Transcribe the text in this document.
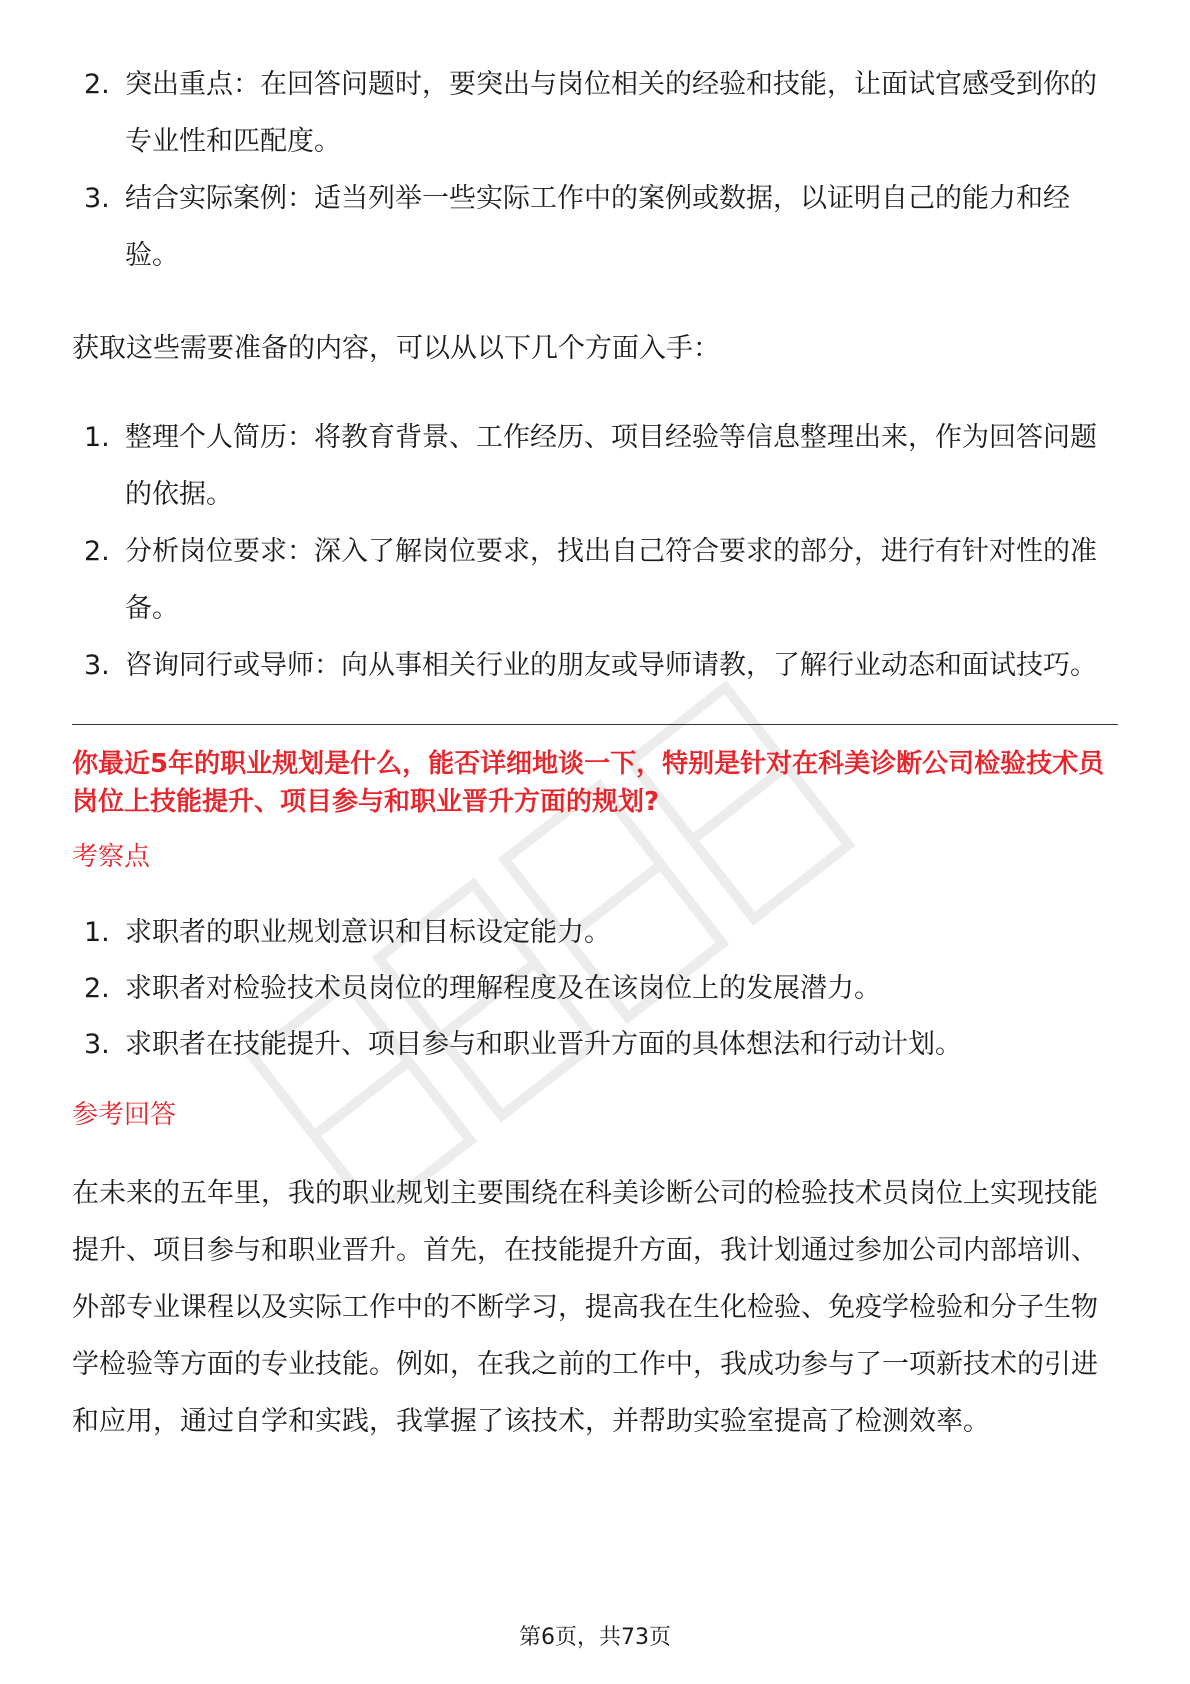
2. 突出重点：在回答问题时，要突出与岗位相关的经验和技能，让面试官感受到你的专业性和匹配度。
3. 结合实际案例：适当列举一些实际工作中的案例或数据，以证明自己的能力和经验。

获取这些需要准备的内容，可以从以下几个方面入手：

1. 整理个人简历：将教育背景、工作经历、项目经验等信息整理出来，作为回答问题的依据。
2. 分析岗位要求：深入了解岗位要求，找出自己符合要求的部分，进行有针对性的准备。
3. 咨询同行或导师：向从事相关行业的朋友或导师请教，了解行业动态和面试技巧。
你最近5年的职业规划是什么，能否详细地谈一下，特别是针对在科美诊断公司检验技术员岗位上技能提升、项目参与和职业晋升方面的规划?
考察点
1. 求职者的职业规划意识和目标设定能力。
2. 求职者对检验技术员岗位的理解程度及在该岗位上的发展潜力。
3. 求职者在技能提升、项目参与和职业晋升方面的具体想法和行动计划。
参考回答

在未来的五年里，我的职业规划主要围绕在科美诊断公司的检验技术员岗位上实现技能提升、项目参与和职业晋升。首先，在技能提升方面，我计划通过参加公司内部培训、外部专业课程以及实际工作中的不断学习，提高我在生化检验、免疫学检验和分子生物学检验等方面的专业技能。例如，在我之前的工作中，我成功参与了一项新技术的引进和应用，通过自学和实践，我掌握了该技术，并帮助实验室提高了检测效率。

第6页，共73页
